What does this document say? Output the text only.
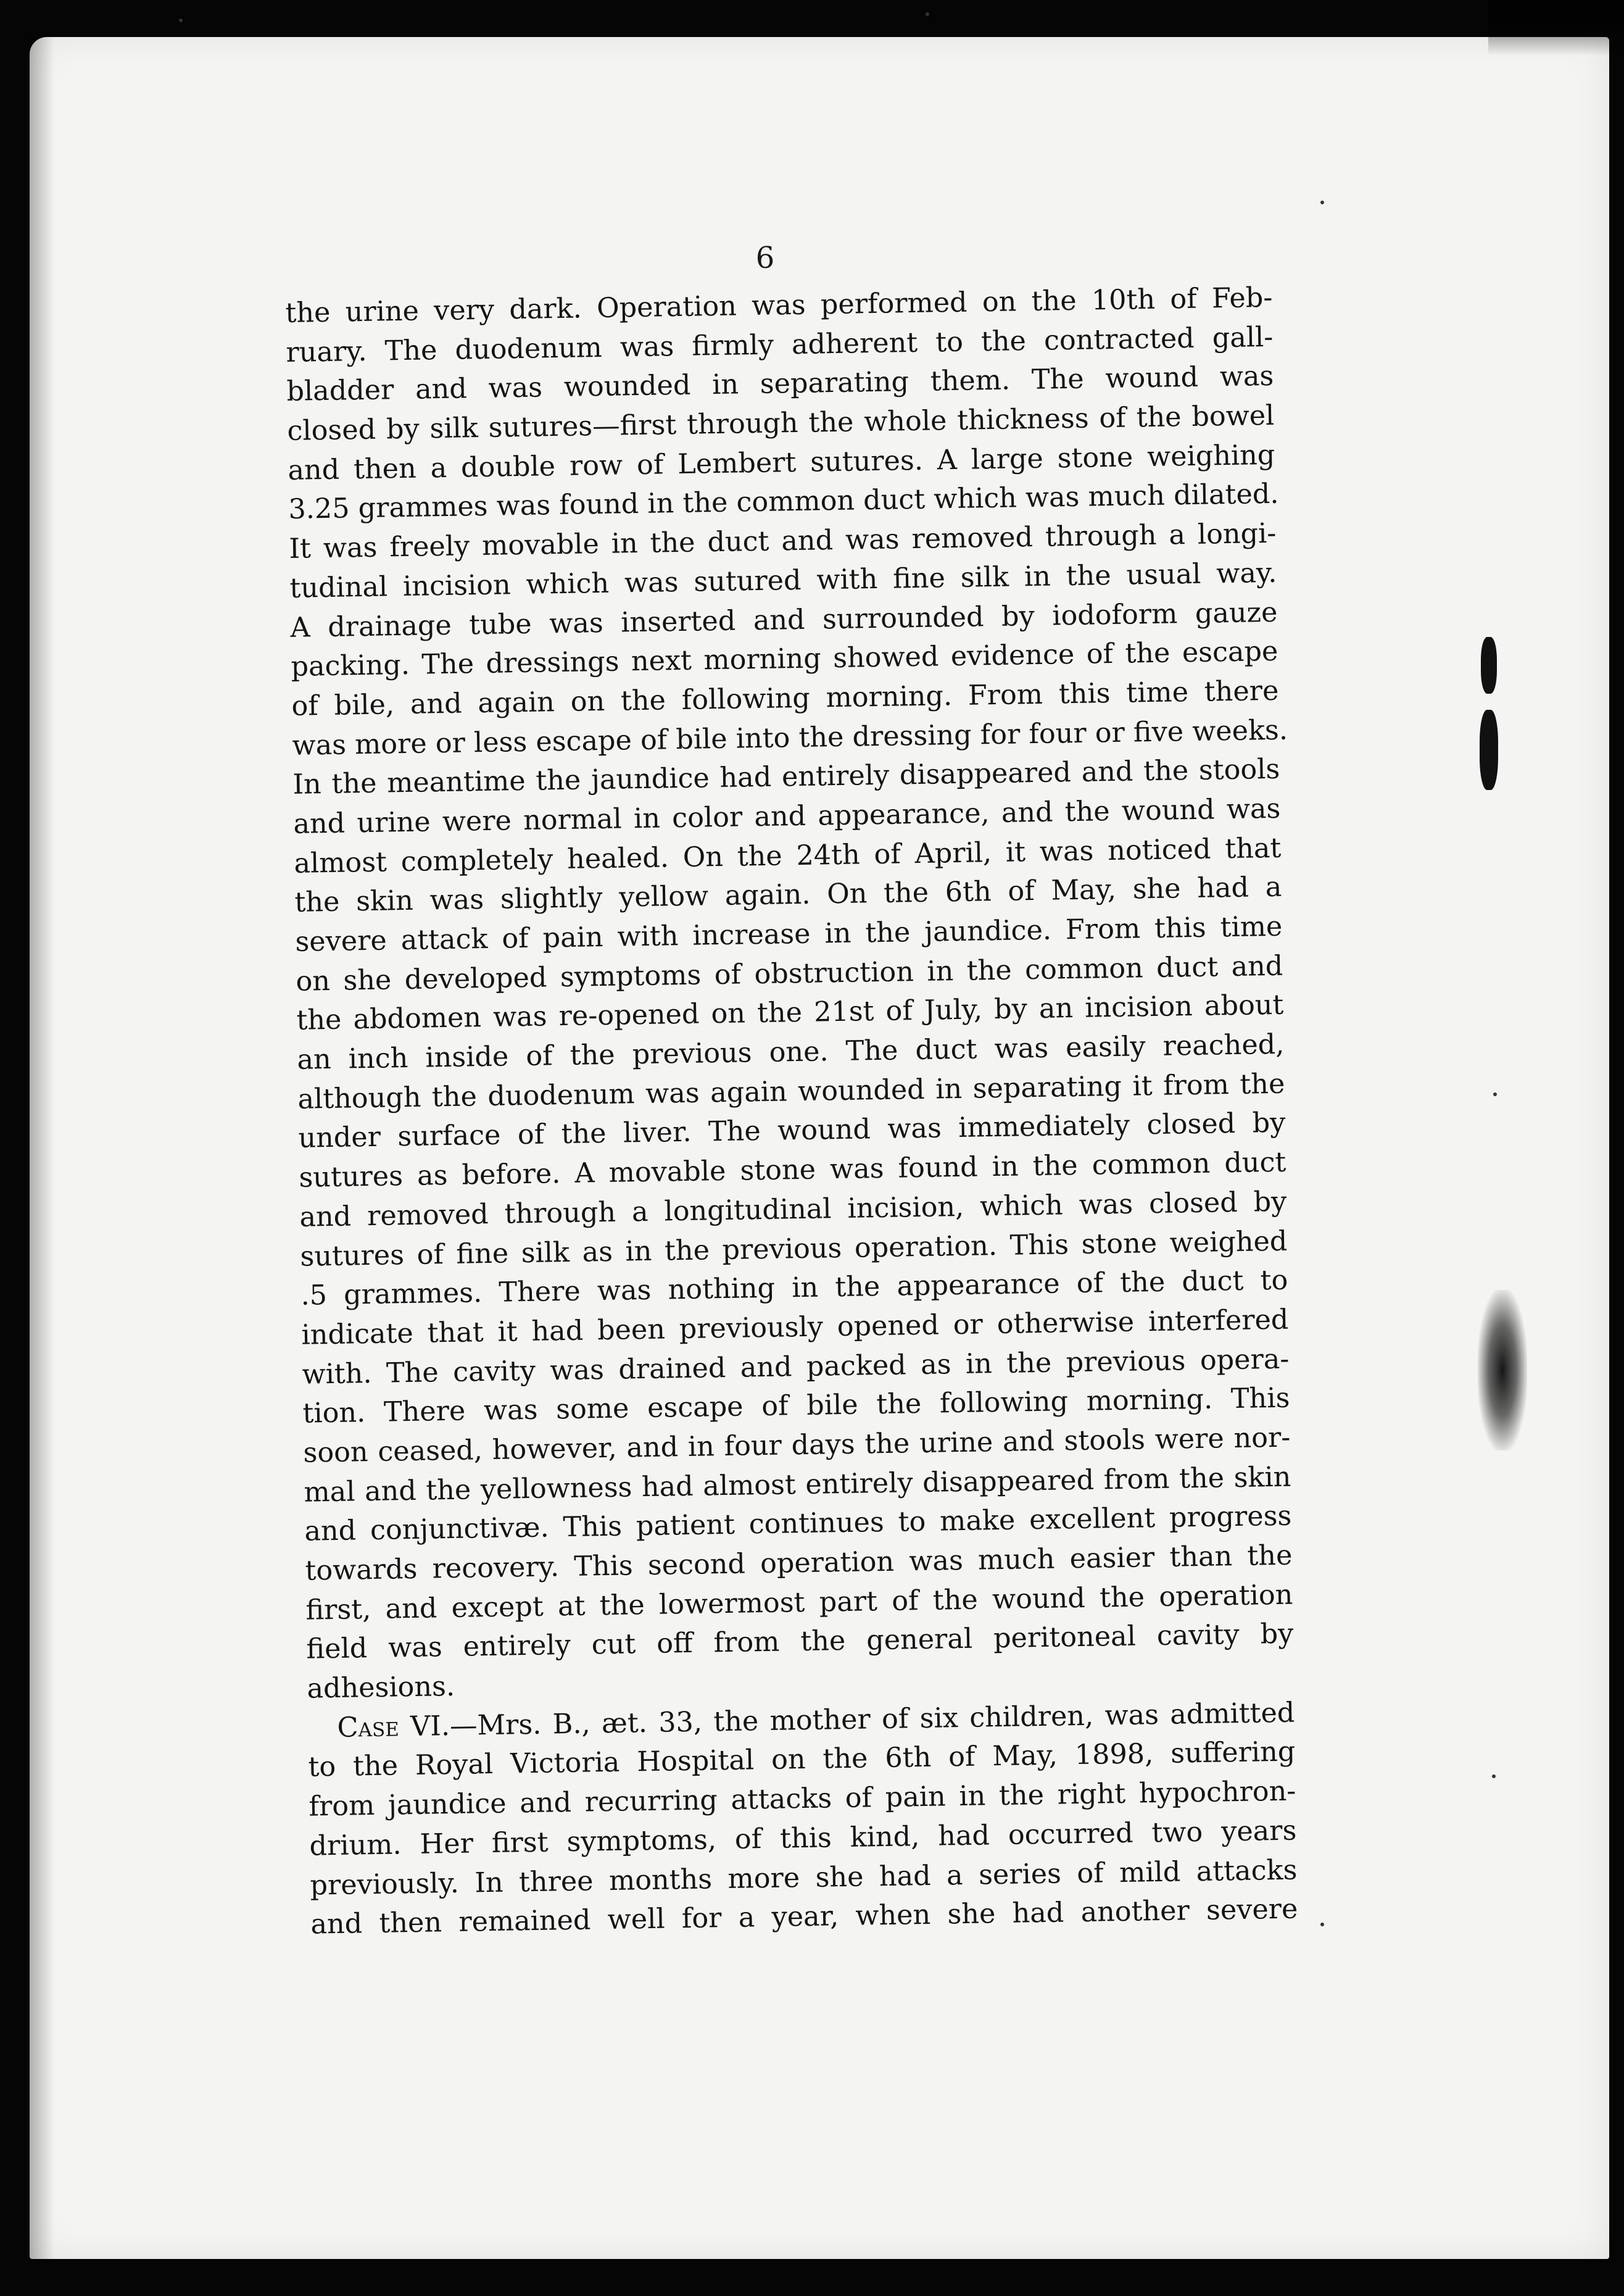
6
the urine very dark. Operation was performed on the 10th of Feb-
ruary. The duodenum was firmly adherent to the contracted gall-
bladder and was wounded in separating them. The wound was
closed by silk sutures—first through the whole thickness of the bowel
and then a double row of Lembert sutures. A large stone weighing
3.25 grammes was found in the common duct which was much dilated.
It was freely movable in the duct and was removed through a longi-
tudinal incision which was sutured with fine silk in the usual way.
A drainage tube was inserted and surrounded by iodoform gauze
packing. The dressings next morning showed evidence of the escape
of bile, and again on the following morning. From this time there
was more or less escape of bile into the dressing for four or five weeks.
In the meantime the jaundice had entirely disappeared and the stools
and urine were normal in color and appearance, and the wound was
almost completely healed. On the 24th of April, it was noticed that
the skin was slightly yellow again. On the 6th of May, she had a
severe attack of pain with increase in the jaundice. From this time
on she developed symptoms of obstruction in the common duct and
the abdomen was re-opened on the 21st of July, by an incision about
an inch inside of the previous one. The duct was easily reached,
although the duodenum was again wounded in separating it from the
under surface of the liver. The wound was immediately closed by
sutures as before. A movable stone was found in the common duct
and removed through a longitudinal incision, which was closed by
sutures of fine silk as in the previous operation. This stone weighed
.5 grammes. There was nothing in the appearance of the duct to
indicate that it had been previously opened or otherwise interfered
with. The cavity was drained and packed as in the previous opera-
tion. There was some escape of bile the following morning. This
soon ceased, however, and in four days the urine and stools were nor-
mal and the yellowness had almost entirely disappeared from the skin
and conjunctivæ. This patient continues to make excellent progress
towards recovery. This second operation was much easier than the
first, and except at the lowermost part of the wound the operation
field was entirely cut off from the general peritoneal cavity by
adhesions.
Case VI.—Mrs. B., æt. 33, the mother of six children, was admitted
to the Royal Victoria Hospital on the 6th of May, 1898, suffering
from jaundice and recurring attacks of pain in the right hypochron-
drium. Her first symptoms, of this kind, had occurred two years
previously. In three months more she had a series of mild attacks
and then remained well for a year, when she had another severe
